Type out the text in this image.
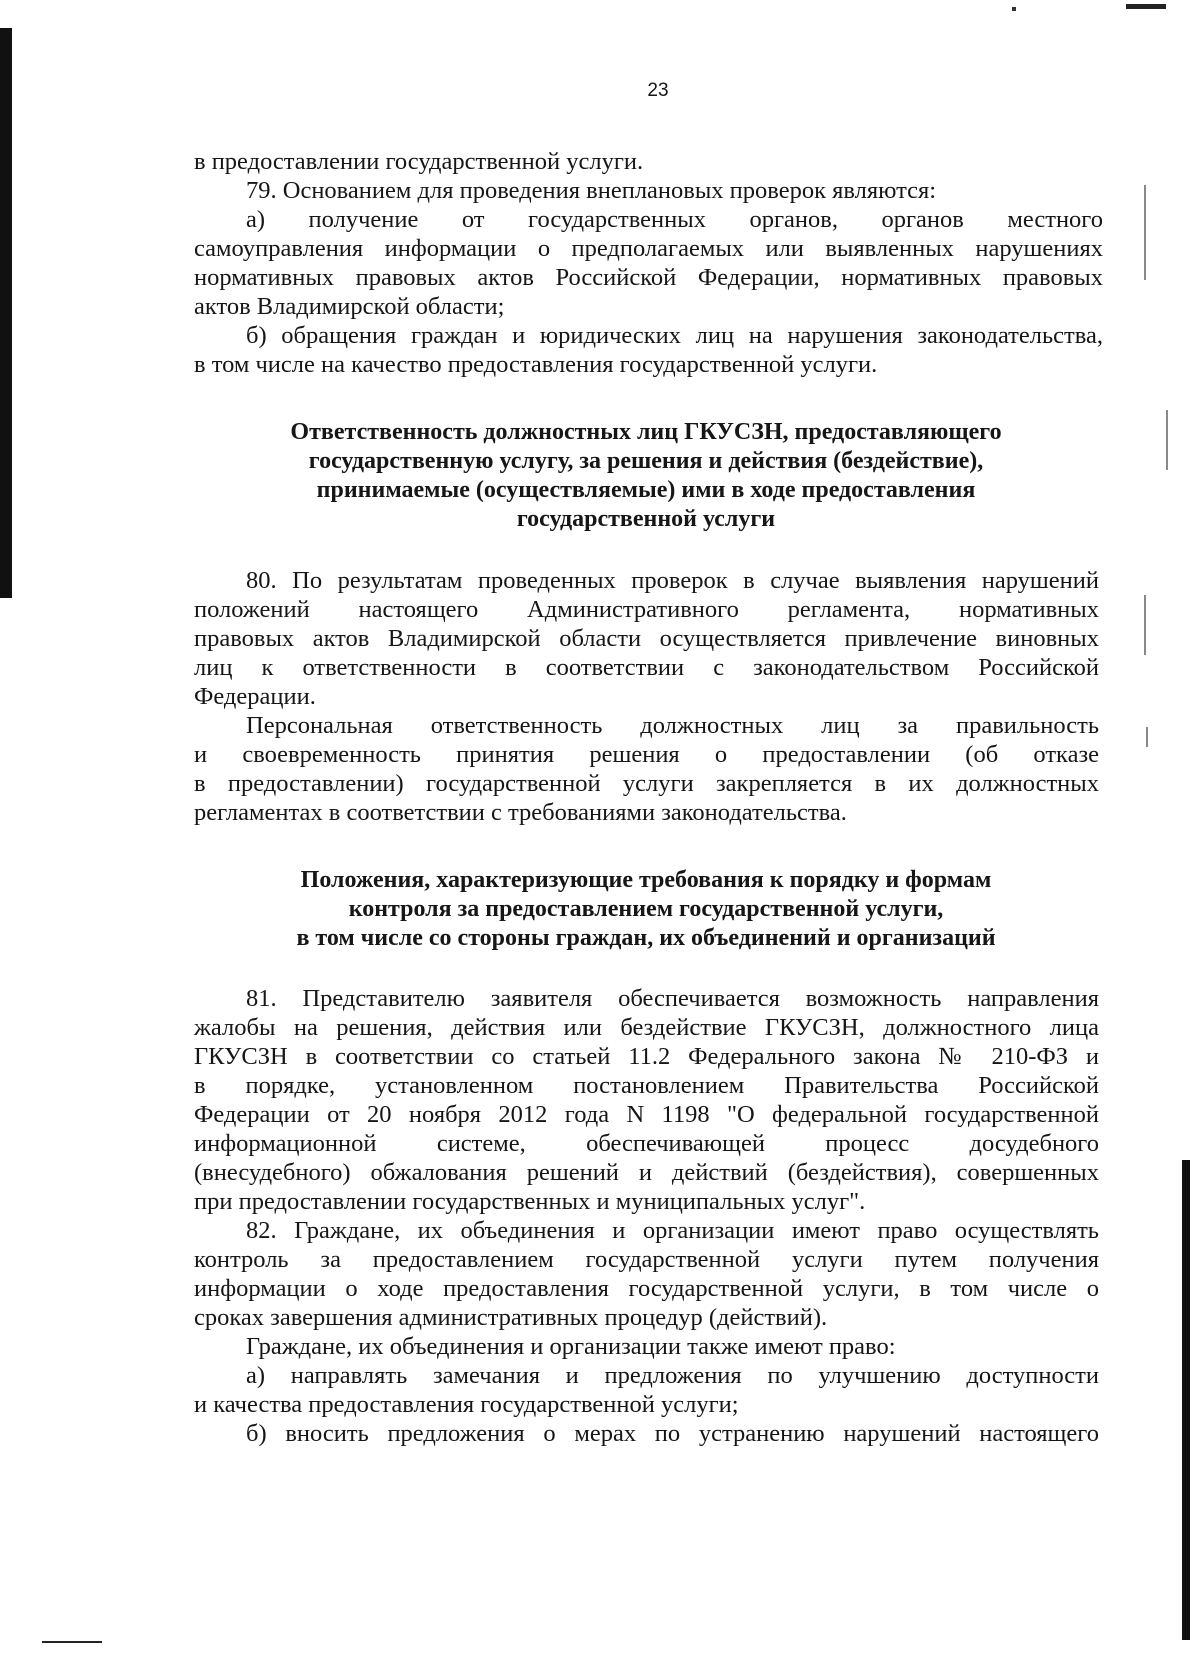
23
в предоставлении государственной услуги.
79. Основанием для проведения внеплановых проверок являются:
а) получение от государственных органов, органов местного
самоуправления информации о предполагаемых или выявленных нарушениях
нормативных правовых актов Российской Федерации, нормативных правовых
актов Владимирской области;
б) обращения граждан и юридических лиц на нарушения законодательства,
в том числе на качество предоставления государственной услуги.
Ответственность должностных лиц ГКУСЗН, предоставляющего
государственную услугу, за решения и действия (бездействие),
принимаемые (осуществляемые) ими в ходе предоставления
государственной услуги
80. По результатам проведенных проверок в случае выявления нарушений
положений настоящего Административного регламента, нормативных
правовых актов Владимирской области осуществляется привлечение виновных
лиц к ответственности в соответствии с законодательством Российской
Федерации.
Персональная ответственность должностных лиц за правильность
и своевременность принятия решения о предоставлении (об отказе
в предоставлении) государственной услуги закрепляется в их должностных
регламентах в соответствии с требованиями законодательства.
Положения, характеризующие требования к порядку и формам
контроля за предоставлением государственной услуги,
в том числе со стороны граждан, их объединений и организаций
81. Представителю заявителя обеспечивается возможность направления
жалобы на решения, действия или бездействие ГКУСЗН, должностного лица
ГКУСЗН в соответствии со статьей 11.2 Федерального закона № 210-ФЗ и
в порядке, установленном постановлением Правительства Российской
Федерации от 20 ноября 2012 года N 1198 "О федеральной государственной
информационной системе, обеспечивающей процесс досудебного
(внесудебного) обжалования решений и действий (бездействия), совершенных
при предоставлении государственных и муниципальных услуг".
82. Граждане, их объединения и организации имеют право осуществлять
контроль за предоставлением государственной услуги путем получения
информации о ходе предоставления государственной услуги, в том числе о
сроках завершения административных процедур (действий).
Граждане, их объединения и организации также имеют право:
а) направлять замечания и предложения по улучшению доступности
и качества предоставления государственной услуги;
б) вносить предложения о мерах по устранению нарушений настоящего
